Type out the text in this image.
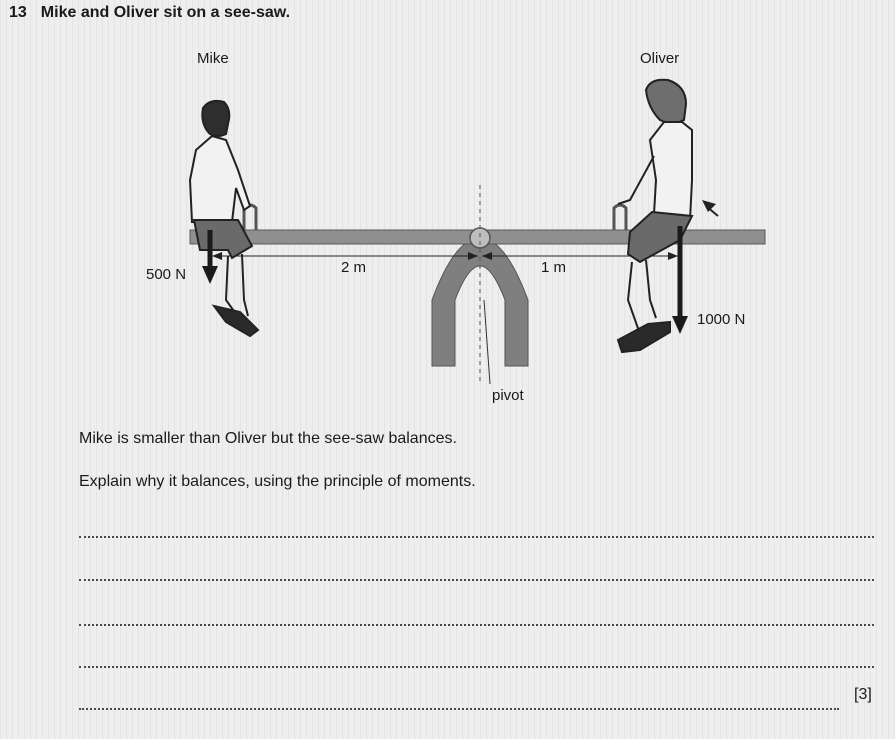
13 Mike and Oliver sit on a see-saw.
Mike	Oliver
500 N
1000 N
2 m	1 m
pivot
Mike is smaller than Oliver but the see-saw balances.
Explain why it balances, using the principle of moments.
[3]
